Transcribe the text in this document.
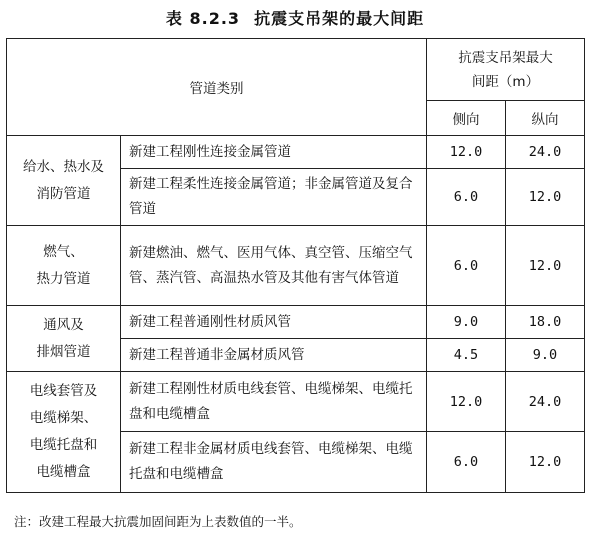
表 8.2.3 抗震支吊架的最大间距
管道类别		抗震支吊架最大
间距（m）	

		侧向	纵向

给水、热水及
消防管道	新建工程刚性连接金属管道	12.0	24.0
	新建工程柔性连接金属管道；非金属管道及复合管道	6.0	12.0

燃气、
热力管道	新建燃油、燃气、医用气体、真空管、压缩空气管、蒸汽管、高温热水管及其他有害气体管道	6.0	12.0

通风及
排烟管道	新建工程普通刚性材质风管	9.0	18.0
	新建工程普通非金属材质风管	4.5	9.0

电线套管及
电缆梯架、
电缆托盘和
电缆槽盒	新建工程刚性材质电线套管、电缆梯架、电缆托盘和电缆槽盒	12.0	24.0
	新建工程非金属材质电线套管、电缆梯架、电缆托盘和电缆槽盒	6.0	12.0
注：改建工程最大抗震加固间距为上表数值的一半。
